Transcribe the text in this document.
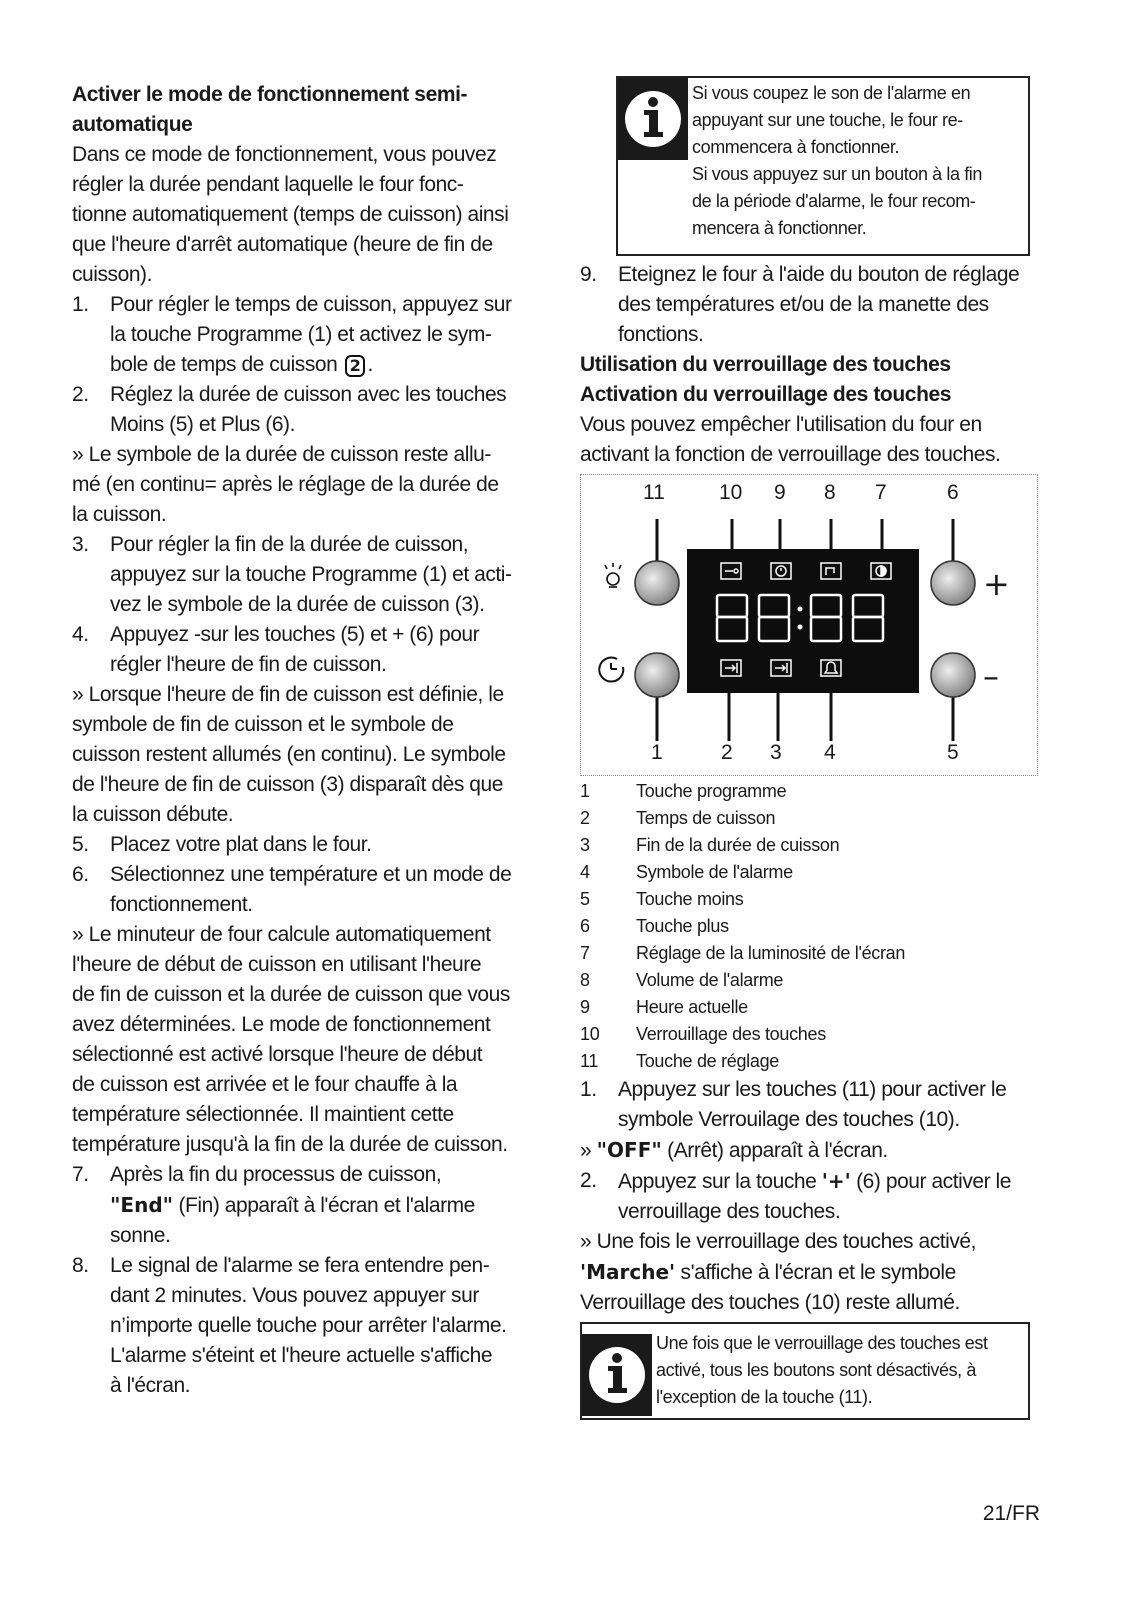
Activer le mode de fonctionnement semi-
automatique

Dans ce mode de fonctionnement, vous pouvez
régler la durée pendant laquelle le four fonc-
tionne automatiquement (temps de cuisson) ainsi
que l'heure d'arrêt automatique (heure de fin de
cuisson).

1. Pour régler le temps de cuisson, appuyez sur
la touche Programme (1) et activez le sym-
bole de temps de cuisson 2 .

2. Réglez la durée de cuisson avec les touches
Moins (5) et Plus (6).

» Le symbole de la durée de cuisson reste allu-
mé (en continu= après le réglage de la durée de
la cuisson.

3. Pour régler la fin de la durée de cuisson,
appuyez sur la touche Programme (1) et acti-
vez le symbole de la durée de cuisson (3).

4. Appuyez -sur les touches (5) et + (6) pour
régler l'heure de fin de cuisson.

» Lorsque l'heure de fin de cuisson est définie, le
symbole de fin de cuisson et le symbole de
cuisson restent allumés (en continu). Le symbole
de l'heure de fin de cuisson (3) disparaît dès que
la cuisson débute.

5. Placez votre plat dans le four.

6. Sélectionnez une température et un mode de
fonctionnement.

» Le minuteur de four calcule automatiquement
l'heure de début de cuisson en utilisant l'heure
de fin de cuisson et la durée de cuisson que vous
avez déterminées. Le mode de fonctionnement
sélectionné est activé lorsque l'heure de début
de cuisson est arrivée et le four chauffe à la
température sélectionnée. Il maintient cette
température jusqu'à la fin de la durée de cuisson.

7. Après la fin du processus de cuisson,
"End" (Fin) apparaît à l'écran et l'alarme
sonne.

8. Le signal de l'alarme se fera entendre pen-
dant 2 minutes. Vous pouvez appuyer sur
n’importe quelle touche pour arrêter l'alarme.
L'alarme s'éteint et l'heure actuelle s'affiche
à l'écran.

Si vous coupez le son de l'alarme en
appuyant sur une touche, le four re-
commencera à fonctionner.
Si vous appuyez sur un bouton à la fin
de la période d'alarme, le four recom-
mencera à fonctionner.

9. Eteignez le four à l'aide du bouton de réglage
des températures et/ou de la manette des
fonctions.

Utilisation du verrouillage des touches

Activation du verrouillage des touches

Vous pouvez empêcher l'utilisation du four en
activant la fonction de verrouillage des touches.

11	10 9 8 7	6
1	2 3 4	5
+
–
1	Touche programme
2	Temps de cuisson
3	Fin de la durée de cuisson
4	Symbole de l'alarme
5	Touche moins
6	Touche plus
7	Réglage de la luminosité de l'écran
8	Volume de l'alarme
9	Heure actuelle
10 Verrouillage des touches
11 Touche de réglage

1. Appuyez sur les touches (11) pour activer le
symbole Verrouilage des touches (10).

» "OFF" (Arrêt) apparaît à l'écran.

2. Appuyez sur la touche '+' (6) pour activer le
verrouillage des touches.

» Une fois le verrouillage des touches activé,
'Marche' s'affiche à l'écran et le symbole
Verrouillage des touches (10) reste allumé.

Une fois que le verrouillage des touches est
activé, tous les boutons sont désactivés, à
l'exception de la touche (11).
21/FR
